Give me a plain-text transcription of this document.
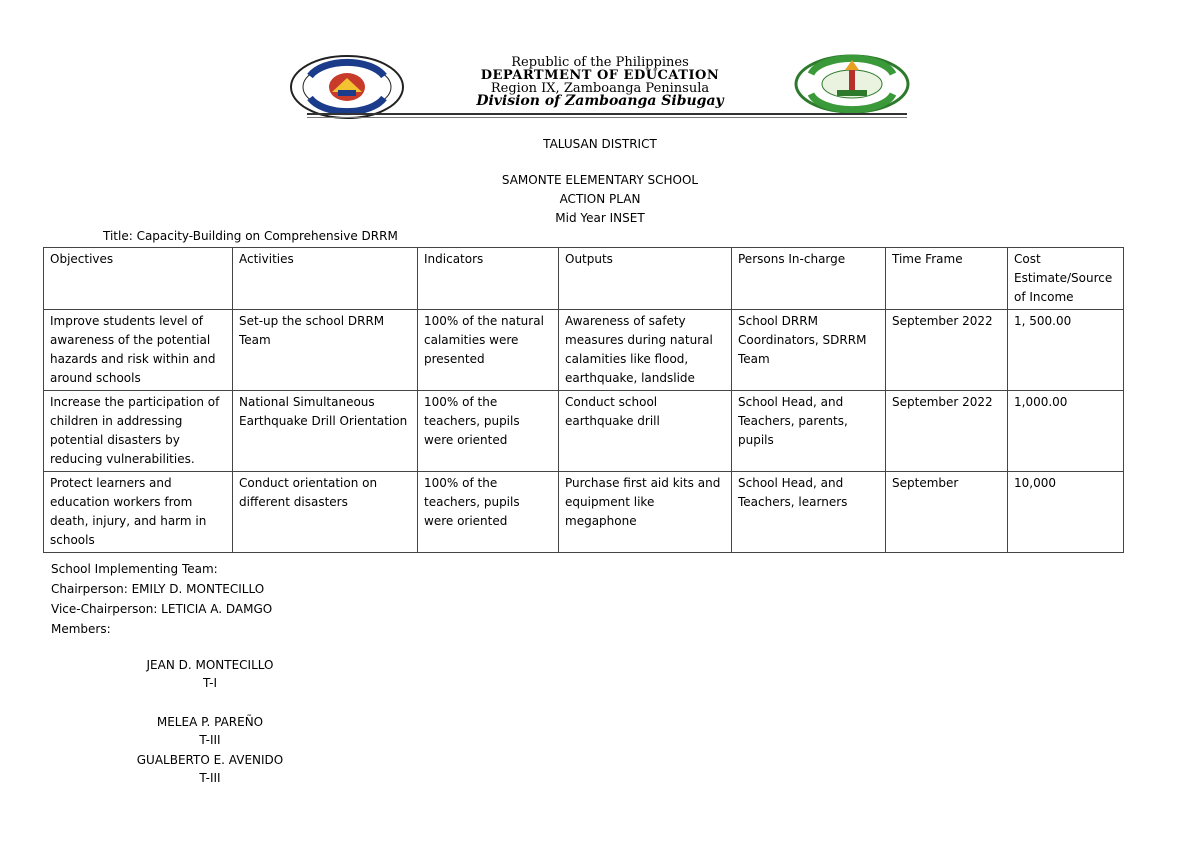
Republic of the Philippines
DEPARTMENT OF EDUCATION
Region IX, Zamboanga Peninsula
Division of Zamboanga Sibugay
TALUSAN DISTRICT
SAMONTE ELEMENTARY SCHOOL
ACTION PLAN
Mid Year INSET
Title: Capacity-Building on Comprehensive DRRM
Objectives	Activities	Indicators	Outputs	Persons In-charge	Time Frame	Cost Estimate/Source of Income
Improve students level of awareness of the potential hazards and risk within and around schools	Set-up the school DRRM Team	100% of the natural calamities were presented	Awareness of safety measures during natural calamities like flood, earthquake, landslide	School DRRM Coordinators, SDRRM Team	September 2022	1, 500.00
Increase the participation of children in addressing potential disasters by reducing vulnerabilities.	National Simultaneous Earthquake Drill Orientation	100% of the teachers, pupils were oriented	Conduct school earthquake drill	School Head, and Teachers, parents, pupils	September 2022	1,000.00
Protect learners and education workers from death, injury, and harm in schools	Conduct orientation on different disasters	100% of the teachers, pupils were oriented	Purchase first aid kits and equipment like megaphone	School Head, and Teachers, learners	September	10,000
School Implementing Team:
Chairperson: EMILY D. MONTECILLO
Vice-Chairperson: LETICIA A. DAMGO
Members:
JEAN D. MONTECILLO
T-I
MELEA P. PAREÑO
T-III
GUALBERTO E. AVENIDO
T-III
